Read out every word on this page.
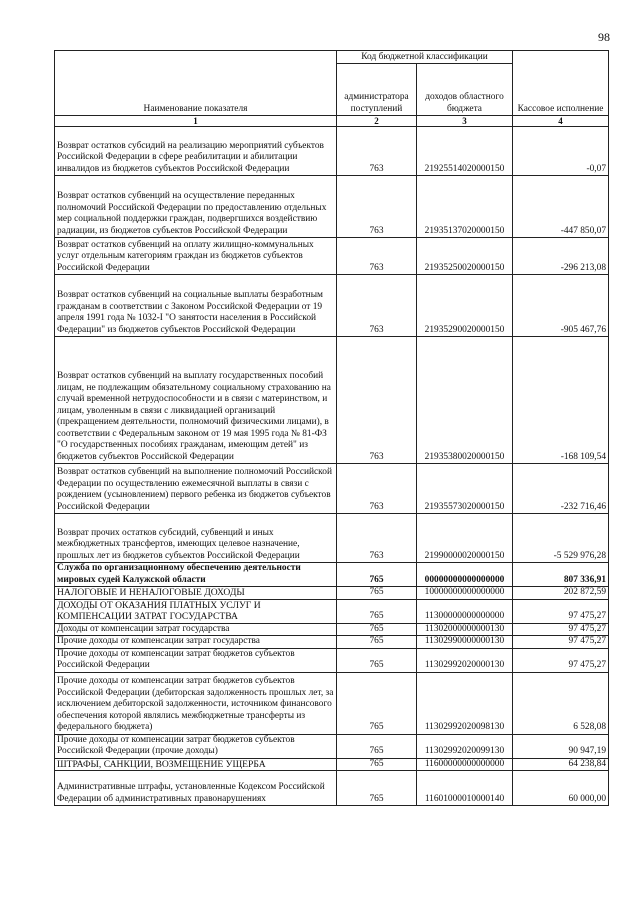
98
Наименование показателя	Код бюджетной классификации		Кассовое исполнение
	администратора поступлений	доходов областного бюджета	
1	2	3	4
Возврат остатков субсидий на реализацию мероприятий субъектов Российской Федерации в сфере реабилитации и абилитации инвалидов из бюджетов субъектов Российской Федерации	763	21925514020000150	-0,07
Возврат остатков субвенций на осуществление переданных полномочий Российской Федерации по предоставлению отдельных мер социальной поддержки граждан, подвергшихся воздействию радиации, из бюджетов субъектов Российской Федерации	763	21935137020000150	-447 850,07
Возврат остатков субвенций на оплату жилищно-коммунальных услуг отдельным категориям граждан из бюджетов субъектов Российской Федерации	763	21935250020000150	-296 213,08
Возврат остатков субвенций на социальные выплаты безработным гражданам в соответствии с Законом Российской Федерации от 19 апреля 1991 года № 1032-I "О занятости населения в Российской Федерации" из бюджетов субъектов Российской Федерации	763	21935290020000150	-905 467,76
Возврат остатков субвенций на выплату государственных пособий лицам, не подлежащим обязательному социальному страхованию на случай временной нетрудоспособности и в связи с материнством, и лицам, уволенным в связи с ликвидацией организаций (прекращением деятельности, полномочий физическими лицами), в соответствии с Федеральным законом от 19 мая 1995 года № 81-ФЗ "О государственных пособиях гражданам, имеющим детей" из бюджетов субъектов Российской Федерации	763	21935380020000150	-168 109,54
Возврат остатков субвенций на выполнение полномочий Российской Федерации по осуществлению ежемесячной выплаты в связи с рождением (усыновлением) первого ребенка из бюджетов субъектов Российской Федерации	763	21935573020000150	-232 716,46
Возврат прочих остатков субсидий, субвенций и иных межбюджетных трансфертов, имеющих целевое назначение, прошлых лет из бюджетов субъектов Российской Федерации	763	21990000020000150	-5 529 976,28
Служба по организационному обеспечению деятельности мировых судей Калужской области	765	00000000000000000	807 336,91
НАЛОГОВЫЕ И НЕНАЛОГОВЫЕ ДОХОДЫ	765	10000000000000000	202 872,59
ДОХОДЫ ОТ ОКАЗАНИЯ ПЛАТНЫХ УСЛУГ И КОМПЕНСАЦИИ ЗАТРАТ ГОСУДАРСТВА	765	11300000000000000	97 475,27
Доходы от компенсации затрат государства	765	11302000000000130	97 475,27
Прочие доходы от компенсации затрат государства	765	11302990000000130	97 475,27
Прочие доходы от компенсации затрат бюджетов субъектов Российской Федерации	765	11302992020000130	97 475,27
Прочие доходы от компенсации затрат бюджетов субъектов Российской Федерации (дебиторская задолженность прошлых лет, за исключением дебиторской задолженности, источником финансового обеспечения которой являлись межбюджетные трансферты из федерального бюджета)	765	11302992020098130	6 528,08
Прочие доходы от компенсации затрат бюджетов субъектов Российской Федерации (прочие доходы)	765	11302992020099130	90 947,19
ШТРАФЫ, САНКЦИИ, ВОЗМЕЩЕНИЕ УЩЕРБА	765	11600000000000000	64 238,84
Административные штрафы, установленные Кодексом Российской Федерации об административных правонарушениях	765	11601000010000140	60 000,00
